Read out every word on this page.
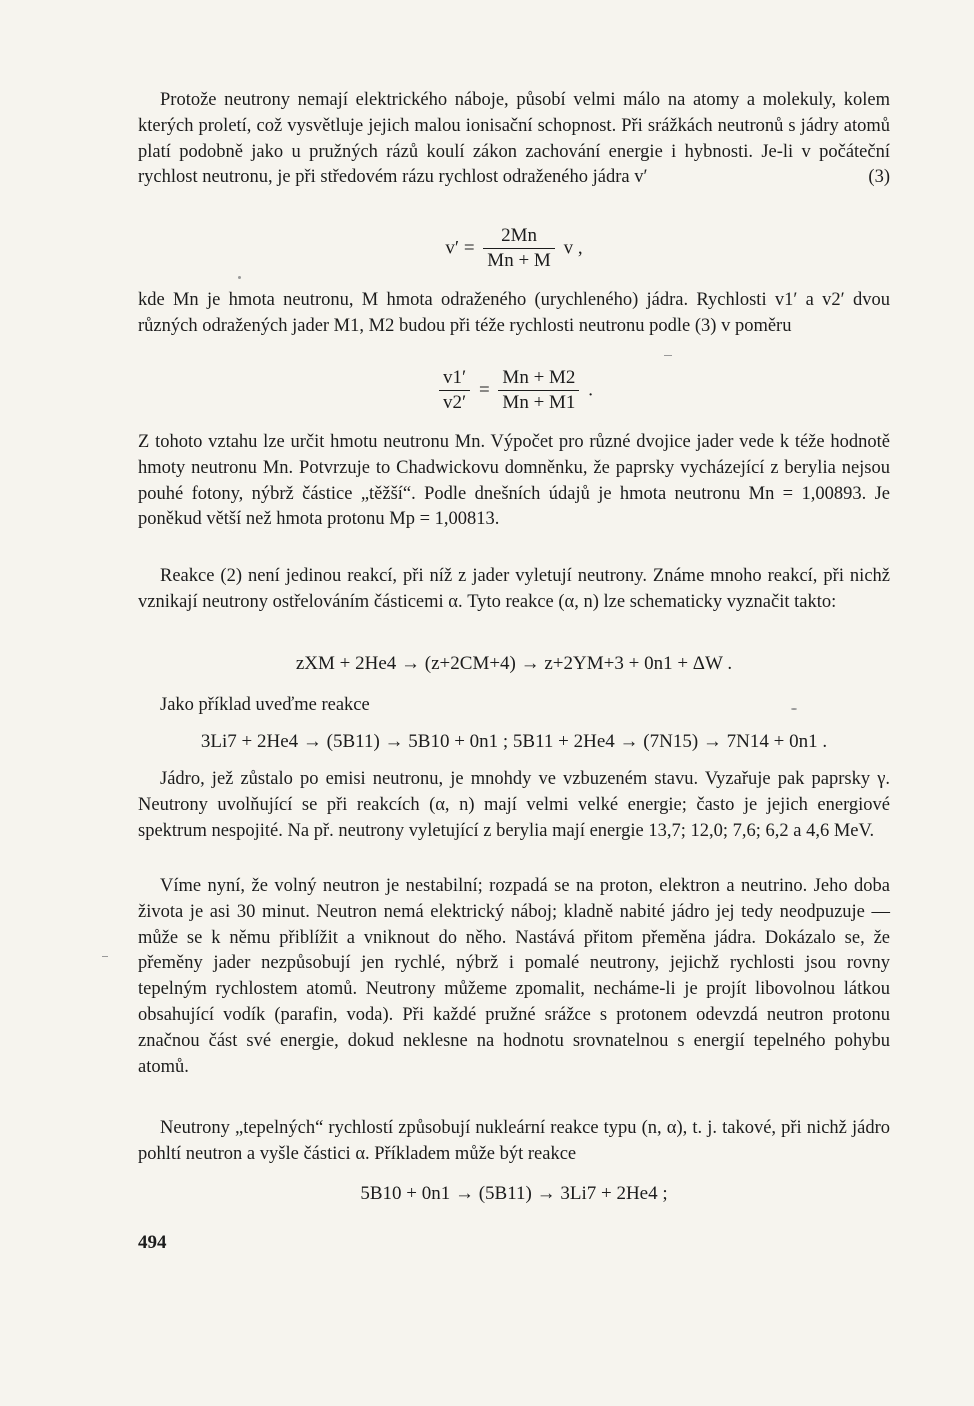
Protože neutrony nemají elektrického náboje, působí velmi málo na atomy a molekuly, kolem kterých proletí, což vysvětluje jejich malou ionisační schopnost. Při srážkách neutronů s jádry atomů platí podobně jako u pružných rázů koulí zákon zachování energie i hybnosti. Je-li v počáteční rychlost neutronu, je při středovém rázu rychlost odraženého jádra v′	(3)

$v' = \frac{2Mn}{Mn + M}$ v ,

kde Mn je hmota neutronu, M hmota odraženého (urychleného) jádra. Rychlosti v1′ a v2′ dvou různých odražených jader M1, M2 budou při téže rychlosti neutronu podle (3) v poměru

$\frac{v1'}{v2'} = \frac{Mn + M2}{Mn + M1}$ .

Z tohoto vztahu lze určit hmotu neutronu Mn. Výpočet pro různé dvojice jader vede k téže hodnotě hmoty neutronu Mn. Potvrzuje to Chadwickovu domněnku, že paprsky vycházející z berylia nejsou pouhé fotony, nýbrž částice „těžší“. Podle dnešních údajů je hmota neutronu Mn = 1,00893. Je poněkud větší než hmota protonu Mp = 1,00813.

Reakce (2) není jedinou reakcí, při níž z jader vyletují neutrony. Známe mnoho reakcí, při nichž vznikají neutrony ostřelováním částicemi α. Tyto reakce (α, n) lze schematicky vyznačit takto:

zXM + 2He4 → (z+2CM+4) → z+2YM+3 + 0n1 + ΔW .

Jako příklad uveďme reakce

3Li7 + 2He4 → (5B11) → 5B10 + 0n1 ; 5B11 + 2He4 → (7N15) → 7N14 + 0n1 .

Jádro, jež zůstalo po emisi neutronu, je mnohdy ve vzbuzeném stavu. Vyzařuje pak paprsky γ. Neutrony uvolňující se při reakcích (α, n) mají velmi velké energie; často je jejich energiové spektrum nespojité. Na př. neutrony vyletující z berylia mají energie 13,7; 12,0; 7,6; 6,2 a 4,6 MeV.

Víme nyní, že volný neutron je nestabilní; rozpadá se na proton, elektron a neutrino. Jeho doba života je asi 30 minut. Neutron nemá elektrický náboj; kladně nabité jádro jej tedy neodpuzuje — může se k němu přiblížit a vniknout do něho. Nastává přitom přeměna jádra. Dokázalo se, že přeměny jader nezpůsobují jen rychlé, nýbrž i pomalé neutrony, jejichž rychlosti jsou rovny tepelným rychlostem atomů. Neutrony můžeme zpomalit, necháme-li je projít libovolnou látkou obsahující vodík (parafin, voda). Při každé pružné srážce s protonem odevzdá neutron protonu značnou část své energie, dokud neklesne na hodnotu srovnatelnou s energií tepelného pohybu atomů.

Neutrony „tepelných“ rychlostí způsobují nukleární reakce typu (n, α), t. j. takové, při nichž jádro pohltí neutron a vyšle částici α. Příkladem může být reakce

5B10 + 0n1 → (5B11) → 3Li7 + 2He4 ;
494
